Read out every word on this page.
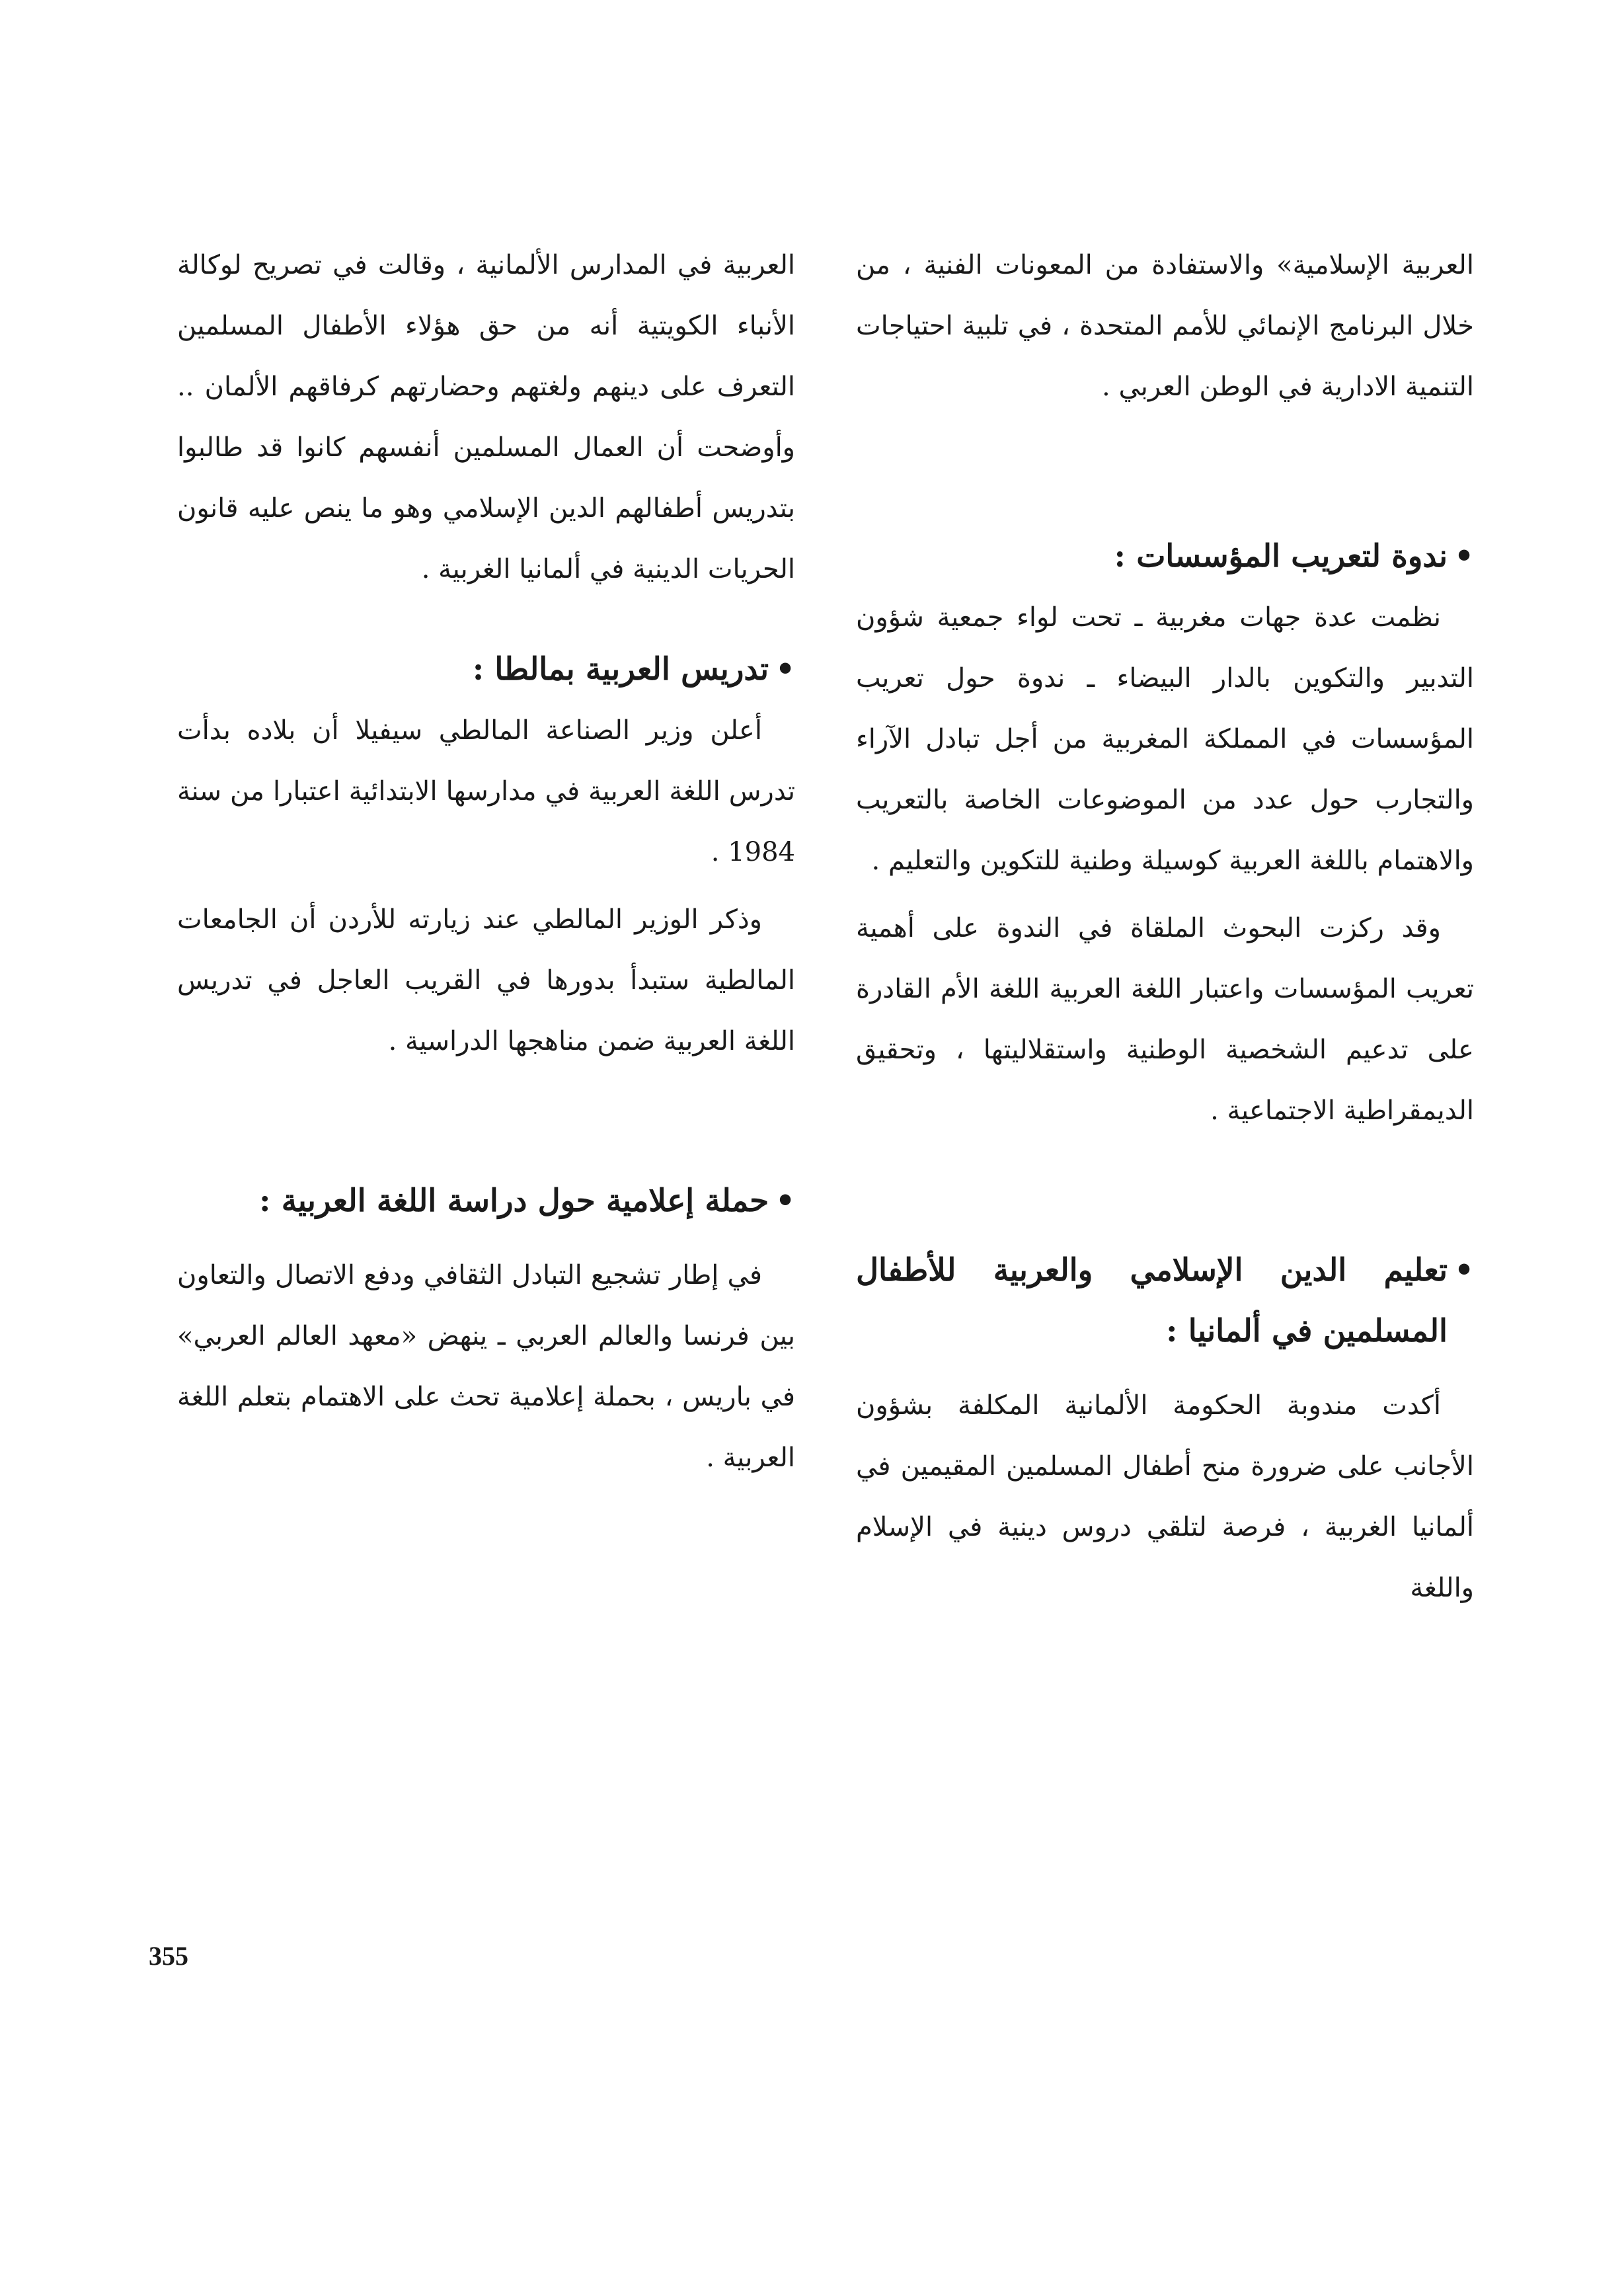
العربية الإسلامية» والاستفادة من المعونات الفنية ، من خلال البرنامج الإنمائي للأمم المتحدة ، في تلبية احتياجات التنمية الادارية في الوطن العربي .

•
ندوة لتعريب المؤسسات :

نظمت عدة جهات مغربية ـ تحت لواء جمعية شؤون التدبير والتكوين بالدار البيضاء ـ ندوة حول تعريب المؤسسات في المملكة المغربية من أجل تبادل الآراء والتجارب حول عدد من الموضوعات الخاصة بالتعريب والاهتمام باللغة العربية كوسيلة وطنية للتكوين والتعليم .

وقد ركزت البحوث الملقاة في الندوة على أهمية تعريب المؤسسات واعتبار اللغة العربية اللغة الأم القادرة على تدعيم الشخصية الوطنية واستقلاليتها ، وتحقيق الديمقراطية الاجتماعية .

•
تعليم الدين الإسلامي والعربية للأطفال المسلمين في ألمانيا :

أكدت مندوبة الحكومة الألمانية المكلفة بشؤون الأجانب على ضرورة منح أطفال المسلمين المقيمين في ألمانيا الغربية ، فرصة لتلقي دروس دينية في الإسلام واللغة

العربية في المدارس الألمانية ، وقالت في تصريح لوكالة الأنباء الكويتية أنه من حق هؤلاء الأطفال المسلمين التعرف على دينهم ولغتهم وحضارتهم كرفاقهم الألمان .. وأوضحت أن العمال المسلمين أنفسهم كانوا قد طالبوا بتدريس أطفالهم الدين الإسلامي وهو ما ينص عليه قانون الحريات الدينية في ألمانيا الغربية .

•
تدريس العربية بمالطا :

أعلن وزير الصناعة المالطي سيفيلا أن بلاده بدأت تدرس اللغة العربية في مدارسها الابتدائية اعتبارا من سنة 1984 .

وذكر الوزير المالطي عند زيارته للأردن أن الجامعات المالطية ستبدأ بدورها في القريب العاجل في تدريس اللغة العربية ضمن مناهجها الدراسية .

•
حملة إعلامية حول دراسة اللغة العربية :

في إطار تشجيع التبادل الثقافي ودفع الاتصال والتعاون بين فرنسا والعالم العربي ـ ينهض «معهد العالم العربي» في باريس ، بحملة إعلامية تحث على الاهتمام بتعلم اللغة العربية .

355
